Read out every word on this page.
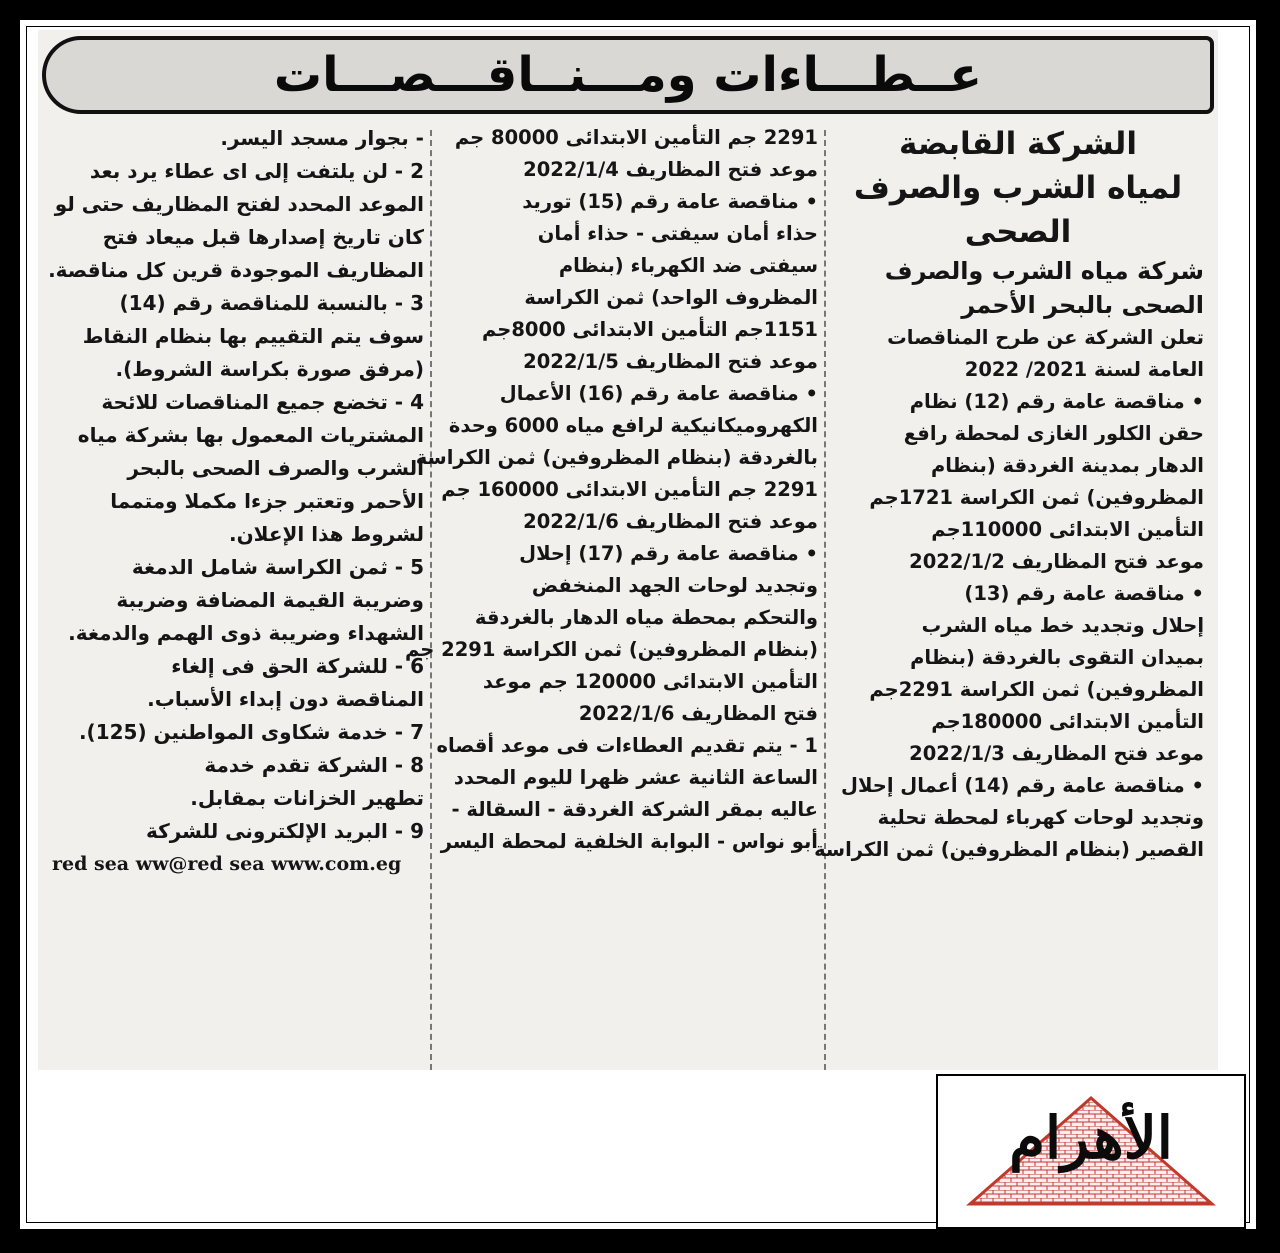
عــطـــاءات ومـــنــاقـــصـــات

الشركة القابضة

لمياه الشرب والصرف

الصحى

شركة مياه الشرب والصرف

الصحى بالبحر الأحمر

تعلن الشركة عن طرح المناقصات

العامة لسنة 2021/ 2022

• مناقصة عامة رقم (12) نظام

حقن الكلور الغازى لمحطة رافع

الدهار بمدينة الغردقة (بنظام

المظروفين) ثمن الكراسة 1721جم

التأمين الابتدائى 110000جم

موعد فتح المظاريف 2022/1/2

• مناقصة عامة رقم (13)

إحلال وتجديد خط مياه الشرب

بميدان التقوى بالغردقة (بنظام

المظروفين) ثمن الكراسة 2291جم

التأمين الابتدائى 180000جم

موعد فتح المظاريف 2022/1/3

• مناقصة عامة رقم (14) أعمال إحلال

وتجديد لوحات كهرباء لمحطة تحلية

القصير (بنظام المظروفين) ثمن الكراسة

2291 جم التأمين الابتدائى 80000 جم

موعد فتح المظاريف 2022/1/4

• مناقصة عامة رقم (15) توريد

حذاء أمان سيفتى - حذاء أمان

سيفتى ضد الكهرباء (بنظام

المظروف الواحد) ثمن الكراسة

1151جم التأمين الابتدائى 8000جم

موعد فتح المظاريف 2022/1/5

• مناقصة عامة رقم (16) الأعمال

الكهروميكانيكية لرافع مياه 6000 وحدة

بالغردقة (بنظام المظروفين) ثمن الكراسة

2291 جم التأمين الابتدائى 160000 جم

موعد فتح المظاريف 2022/1/6

• مناقصة عامة رقم (17) إحلال

وتجديد لوحات الجهد المنخفض

والتحكم بمحطة مياه الدهار بالغردقة

(بنظام المظروفين) ثمن الكراسة 2291 جم

التأمين الابتدائى 120000 جم موعد

فتح المظاريف 2022/1/6

1 - يتم تقديم العطاءات فى موعد أقصاه

الساعة الثانية عشر ظهرا لليوم المحدد

عاليه بمقر الشركة الغردقة - السقالة -

أبو نواس - البوابة الخلفية لمحطة اليسر

- بجوار مسجد اليسر.

2 - لن يلتفت إلى اى عطاء يرد بعد

الموعد المحدد لفتح المظاريف حتى لو

كان تاريخ إصدارها قبل ميعاد فتح

المظاريف الموجودة قرين كل مناقصة.

3 - بالنسبة للمناقصة رقم (14)

سوف يتم التقييم بها بنظام النقاط

(مرفق صورة بكراسة الشروط).

4 - تخضع جميع المناقصات للائحة

المشتريات المعمول بها بشركة مياه

الشرب والصرف الصحى بالبحر

الأحمر وتعتبر جزءا مكملا ومتمما

لشروط هذا الإعلان.

5 - ثمن الكراسة شامل الدمغة

وضريبة القيمة المضافة وضريبة

الشهداء وضريبة ذوى الهمم والدمغة.

6 - للشركة الحق فى إلغاء

المناقصة دون إبداء الأسباب.

7 - خدمة شكاوى المواطنين (125).

8 - الشركة تقدم خدمة

تطهير الخزانات بمقابل.

9 - البريد الإلكترونى للشركة

red sea ww@red sea www.com.eg

الأهرام
